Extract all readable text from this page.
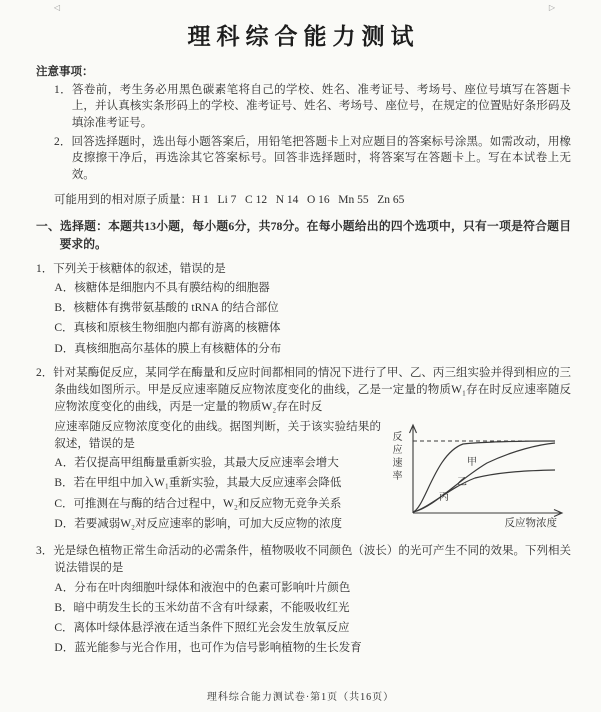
◁	▷
理科综合能力测试
注意事项：
1．答卷前，考生务必用黑色碳素笔将自己的学校、姓名、准考证号、考场号、座位号填写在答题卡上，并认真核实条形码上的学校、准考证号、姓名、考场号、座位号，在规定的位置贴好条形码及填涂准考证号。
2．回答选择题时，选出每小题答案后，用铅笔把答题卡上对应题目的答案标号涂黑。如需改动，用橡皮擦擦干净后，再选涂其它答案标号。回答非选择题时，将答案写在答题卡上。写在本试卷上无效。
可能用到的相对原子质量：H 1   Li 7   C 12   N 14   O 16   Mn 55   Zn 65
一、选择题：本题共13小题，每小题6分，共78分。在每小题给出的四个选项中，只有一项是符合题目要求的。
1．下列关于核糖体的叙述，错误的是
A．核糖体是细胞内不具有膜结构的细胞器
B．核糖体有携带氨基酸的 tRNA 的结合部位
C．真核和原核生物细胞内都有游离的核糖体
D．真核细胞高尔基体的膜上有核糖体的分布
2．针对某酶促反应，某同学在酶量和反应时间都相同的情况下进行了甲、乙、丙三组实验并得到相应的三条曲线如图所示。甲是反应速率随反应物浓度变化的曲线，乙是一定量的物质W₁存在时反应速率随反应物浓度变化的曲线，丙是一定量的物质W₂存在时反
反应速率	甲
乙
丙
反应物浓度
应速率随反应物浓度变化的曲线。据图判断，关于该实验结果的叙述，错误的是
A．若仅提高甲组酶量重新实验，其最大反应速率会增大
B．若在甲组中加入W₁重新实验，其最大反应速率会降低
C．可推测在与酶的结合过程中，W₂和反应物无竞争关系
D．若要减弱W₂对反应速率的影响，可加大反应物的浓度
3．光是绿色植物正常生命活动的必需条件，植物吸收不同颜色（波长）的光可产生不同的效果。下列相关说法错误的是
A．分布在叶肉细胞叶绿体和液泡中的色素可影响叶片颜色
B．暗中萌发生长的玉米幼苗不含有叶绿素，不能吸收红光
C．离体叶绿体悬浮液在适当条件下照红光会发生放氧反应
D．蓝光能参与光合作用，也可作为信号影响植物的生长发育
理科综合能力测试卷·第1页（共16页）
